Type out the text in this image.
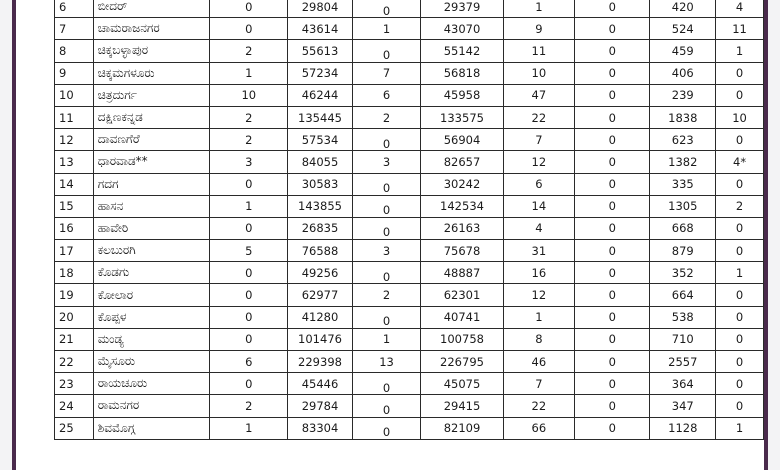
6	ಬೀದರ್	0	29804	0	29379	1	0	420	4
7	ಚಾಮರಾಜನಗರ	0	43614	1	43070	9	0	524	11
8	ಚಿಕ್ಕಬಳ್ಳಾಪುರ	2	55613	0	55142	11	0	459	1
9	ಚಿಕ್ಕಮಗಳೂರು	1	57234	7	56818	10	0	406	0
10	ಚಿತ್ರದುರ್ಗ	10	46244	6	45958	47	0	239	0
11	ದಕ್ಷಿಣಕನ್ನಡ	2	135445	2	133575	22	0	1838	10
12	ದಾವಣಗೆರೆ	2	57534	0	56904	7	0	623	0
13	ಧಾರವಾಡ**	3	84055	3	82657	12	0	1382	4*
14	ಗದಗ	0	30583	0	30242	6	0	335	0
15	ಹಾಸನ	1	143855	0	142534	14	0	1305	2
16	ಹಾವೇರಿ	0	26835	0	26163	4	0	668	0
17	ಕಲಬುರಗಿ	5	76588	3	75678	31	0	879	0
18	ಕೊಡಗು	0	49256	0	48887	16	0	352	1
19	ಕೋಲಾರ	0	62977	2	62301	12	0	664	0
20	ಕೊಪ್ಪಳ	0	41280	0	40741	1	0	538	0
21	ಮಂಡ್ಯ	0	101476	1	100758	8	0	710	0
22	ಮೈಸೂರು	6	229398	13	226795	46	0	2557	0
23	ರಾಯಚೂರು	0	45446	0	45075	7	0	364	0
24	ರಾಮನಗರ	2	29784	0	29415	22	0	347	0
25	ಶಿವಮೊಗ್ಗ	1	83304	0	82109	66	0	1128	1
